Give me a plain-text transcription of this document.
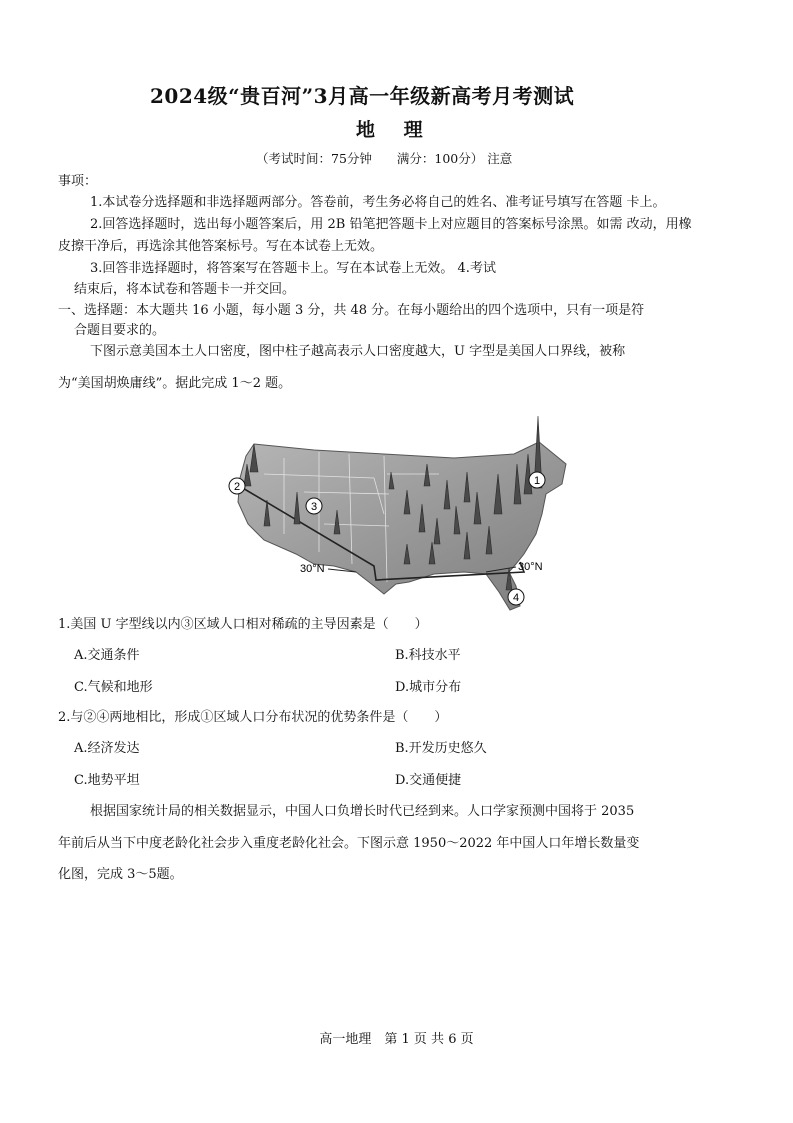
2024级“贵百河”3月高一年级新高考月考测试
地 理
（考试时间：75分钟　　满分：100分） 注意
事项：
1.本试卷分选择题和非选择题两部分。答卷前，考生务必将自己的姓名、准考证号填写在答题 卡上。
2.回答选择题时，选出每小题答案后，用 2B 铅笔把答题卡上对应题目的答案标号涂黑。如需 改动，用橡
皮擦干净后，再选涂其他答案标号。写在本试卷上无效。
3.回答非选择题时，将答案写在答题卡上。写在本试卷上无效。 4.考试
结束后，将本试卷和答题卡一并交回。
一、选择题：本大题共 16 小题，每小题 3 分，共 48 分。在每小题给出的四个选项中，只有一项是符
合题目要求的。
下图示意美国本土人口密度，图中柱子越高表示人口密度越大，U 字型是美国人口界线，被称
为“美国胡焕庸线”。据此完成 1～2 题。
1
2
3
4
30°N	30°N
1.美国 U 字型线以内③区域人口相对稀疏的主导因素是（　　）
A.交通条件	B.科技水平
C.气候和地形	D.城市分布
2.与②④两地相比，形成①区域人口分布状况的优势条件是（　　）
A.经济发达	B.开发历史悠久
C.地势平坦	D.交通便捷
根据国家统计局的相关数据显示，中国人口负增长时代已经到来。人口学家预测中国将于 2035
年前后从当下中度老龄化社会步入重度老龄化社会。下图示意 1950～2022 年中国人口年增长数量变
化图，完成 3～5题。
高一地理　第 1 页 共 6 页
